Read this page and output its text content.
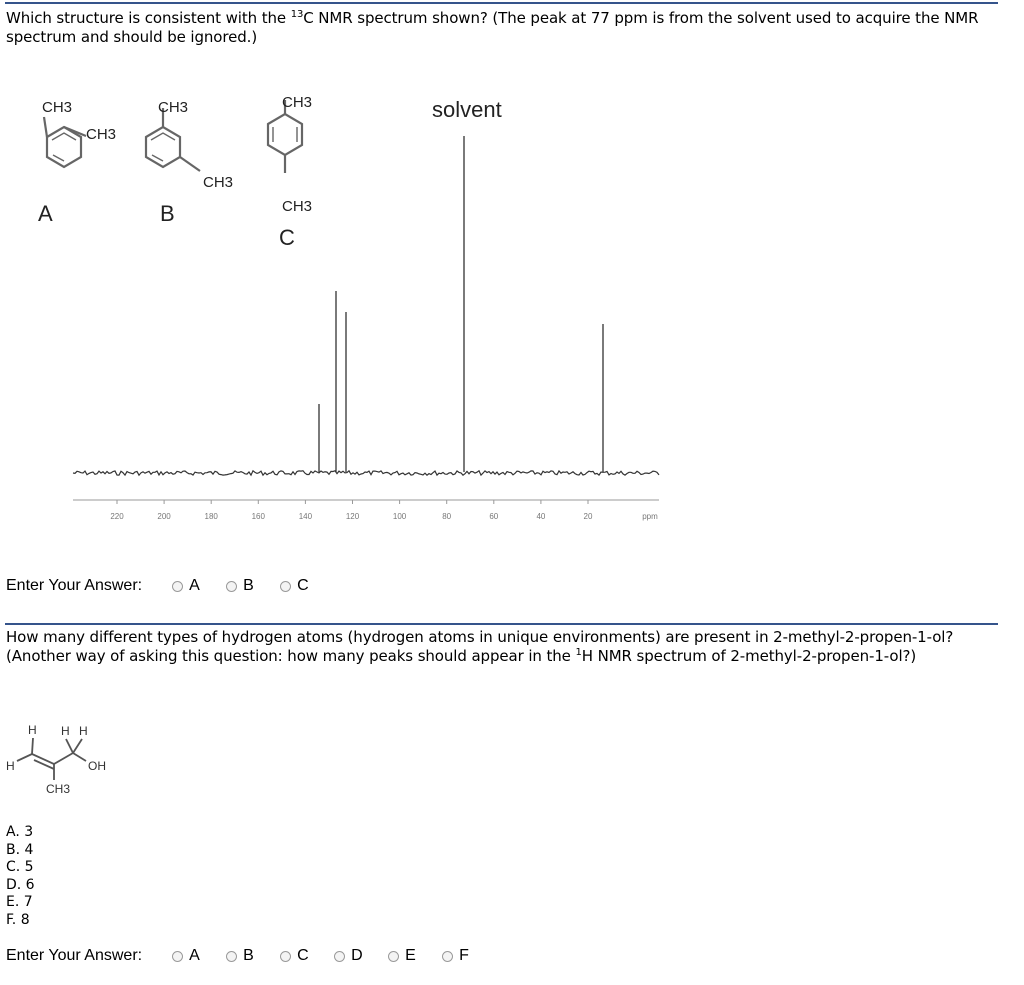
Which structure is consistent with the $^{13}$C NMR spectrum shown? (The peak at 77 ppm is from the solvent used to acquire the NMR spectrum and should be ignored.)
CH3
CH3
CH3
CH3
CH3
CH3
A	B
C
solvent
220	200	180	160	140	120	100	80	60	40	20	ppm
Enter Your Answer:	A	B	C
How many different types of hydrogen atoms (hydrogen atoms in unique environments) are present in 2-methyl-2-propen-1-ol? (Another way of asking this question: how many peaks should appear in the $^1$H NMR spectrum of 2-methyl-2-propen-1-ol?)
H H H
H	OH
CH3
A. 3
B. 4
C. 5
D. 6
E. 7
F. 8
Enter Your Answer:	A	B	C	D	E	F
